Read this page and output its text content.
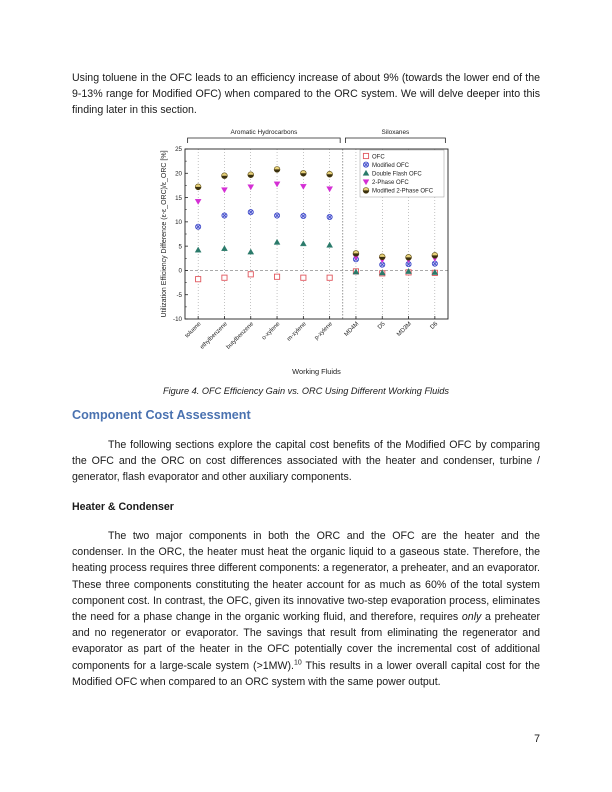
Using toluene in the OFC leads to an efficiency increase of about 9% (towards the lower end of the 9-13% range for Modified OFC) when compared to the ORC system. We will delve deeper into this finding later in this section.

Aromatic Hydrocarbons	Siloxanes
-10
-5
0
5
10
15
20
25
toluene
ethylbenzene
butylbenzene o-xylene m-xylene p-xylene MD4M	D5 MD3M	D6
Working Fluids
Utilization Efficiency Difference (ε-ε_ORC)/ε_ORC [%]	OFC
Modified OFC
Double Flash OFC
2-Phase OFC
Modified 2-Phase OFC
Figure 4. OFC Efficiency Gain vs. ORC Using Different Working Fluids
Component Cost Assessment

The following sections explore the capital cost benefits of the Modified OFC by comparing the OFC and the ORC on cost differences associated with the heater and condenser, turbine / generator, flash evaporator and other auxiliary components.

Heater & Condenser

The two major components in both the ORC and the OFC are the heater and the condenser. In the ORC, the heater must heat the organic liquid to a gaseous state. Therefore, the heating process requires three different components: a regenerator, a preheater, and an evaporator. These three components constituting the heater account for as much as 60% of the total system component cost. In contrast, the OFC, given its innovative two-step evaporation process, eliminates the need for a phase change in the organic working fluid, and therefore, requires only a preheater and no regenerator or evaporator. The savings that result from eliminating the regenerator and evaporator as part of the heater in the OFC potentially cover the incremental cost of additional components for a large-scale system (>1MW).$^{10}$ This results in a lower overall capital cost for the Modified OFC when compared to an ORC system with the same power output.

7
